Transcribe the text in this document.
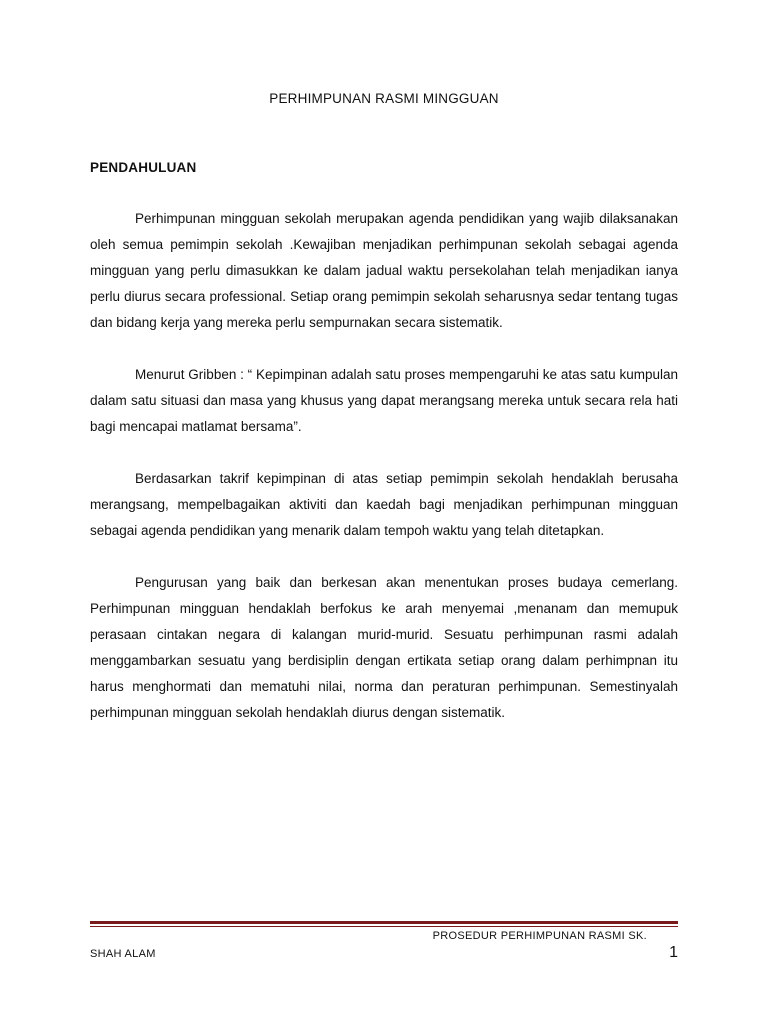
PERHIMPUNAN RASMI MINGGUAN
PENDAHULUAN

Perhimpunan mingguan sekolah merupakan agenda pendidikan yang wajib dilaksanakan oleh semua pemimpin sekolah .Kewajiban menjadikan perhimpunan sekolah sebagai agenda mingguan yang perlu dimasukkan ke dalam jadual waktu persekolahan telah menjadikan ianya perlu diurus secara professional. Setiap orang pemimpin sekolah seharusnya sedar tentang tugas dan bidang kerja yang mereka perlu sempurnakan secara sistematik.

Menurut Gribben : “ Kepimpinan adalah satu proses mempengaruhi ke atas satu kumpulan dalam satu situasi dan masa yang khusus yang dapat merangsang mereka untuk secara rela hati bagi mencapai matlamat bersama”.

Berdasarkan takrif kepimpinan di atas setiap pemimpin sekolah hendaklah berusaha merangsang, mempelbagaikan aktiviti dan kaedah bagi menjadikan perhimpunan mingguan sebagai agenda pendidikan yang menarik dalam tempoh waktu yang telah ditetapkan.

Pengurusan yang baik dan berkesan akan menentukan proses budaya cemerlang. Perhimpunan mingguan hendaklah berfokus ke arah menyemai ,menanam dan memupuk perasaan cintakan negara di kalangan murid-murid. Sesuatu perhimpunan rasmi adalah menggambarkan sesuatu yang berdisiplin dengan ertikata setiap orang dalam perhimpnan itu harus menghormati dan mematuhi nilai, norma dan peraturan perhimpunan. Semestinyalah perhimpunan mingguan sekolah hendaklah diurus dengan sistematik.

PROSEDUR PERHIMPUNAN RASMI SK.
SHAH ALAM	1
